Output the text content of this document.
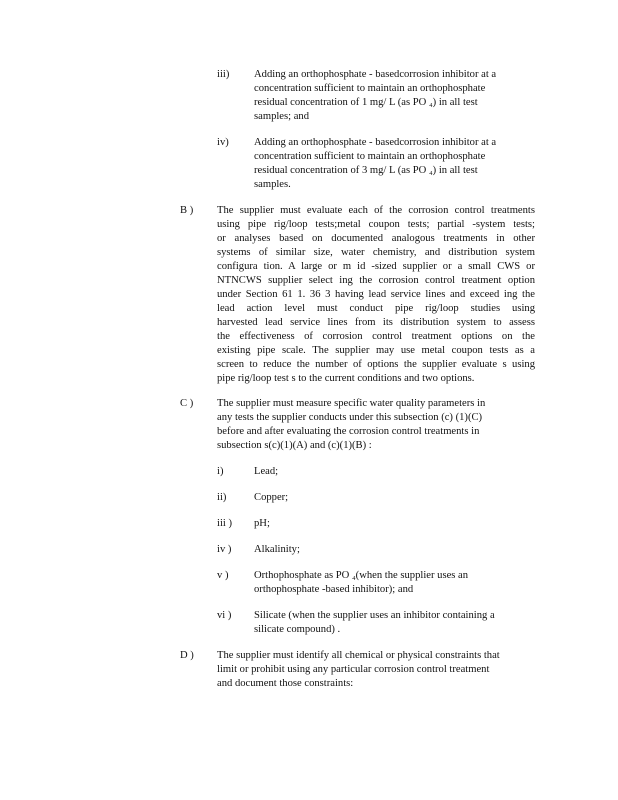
iii) Adding an orthophosphate - basedcorrosion inhibitor at a
concentration sufficient to maintain an orthophosphate
residual concentration of 1 mg/ L (as PO ₄) in all test
samples; and
iv) Adding an orthophosphate - basedcorrosion inhibitor at a
concentration sufficient to maintain an orthophosphate
residual concentration of 3 mg/ L (as PO ₄) in all test
samples.
B ) The supplier must evaluate each of the corrosion control treatments
using pipe rig/loop tests;metal coupon tests; partial -system tests;
or analyses based on documented analogous treatments in other
systems of similar size, water chemistry, and distribution system
configura tion. A large or m id -sized supplier or a small CWS or
NTNCWS supplier select ing the corrosion control treatment option
under Section 61 1. 36 3 having lead service lines and exceed ing the
lead action level must conduct pipe rig/loop studies using
harvested lead service lines from its distribution system to assess
the effectiveness of corrosion control treatment options on the
existing pipe scale. The supplier may use metal coupon tests as a
screen to reduce the number of options the supplier evaluate s using
pipe rig/loop test s to the current conditions and two options.
C ) The supplier must measure specific water quality parameters in
any tests the supplier conducts under this subsection (c) (1)(C)
before and after evaluating the corrosion control treatments in
subsection s(c)(1)(A) and (c)(1)(B) :
i)	Lead;
ii)	Copper;
iii ) pH;
iv ) Alkalinity;
v ) Orthophosphate as PO ₄(when the supplier uses an
orthophosphate -based inhibitor); and
vi ) Silicate (when the supplier uses an inhibitor containing a
silicate compound) .
D ) The supplier must identify all chemical or physical constraints that
limit or prohibit using any particular corrosion control treatment
and document those constraints:
